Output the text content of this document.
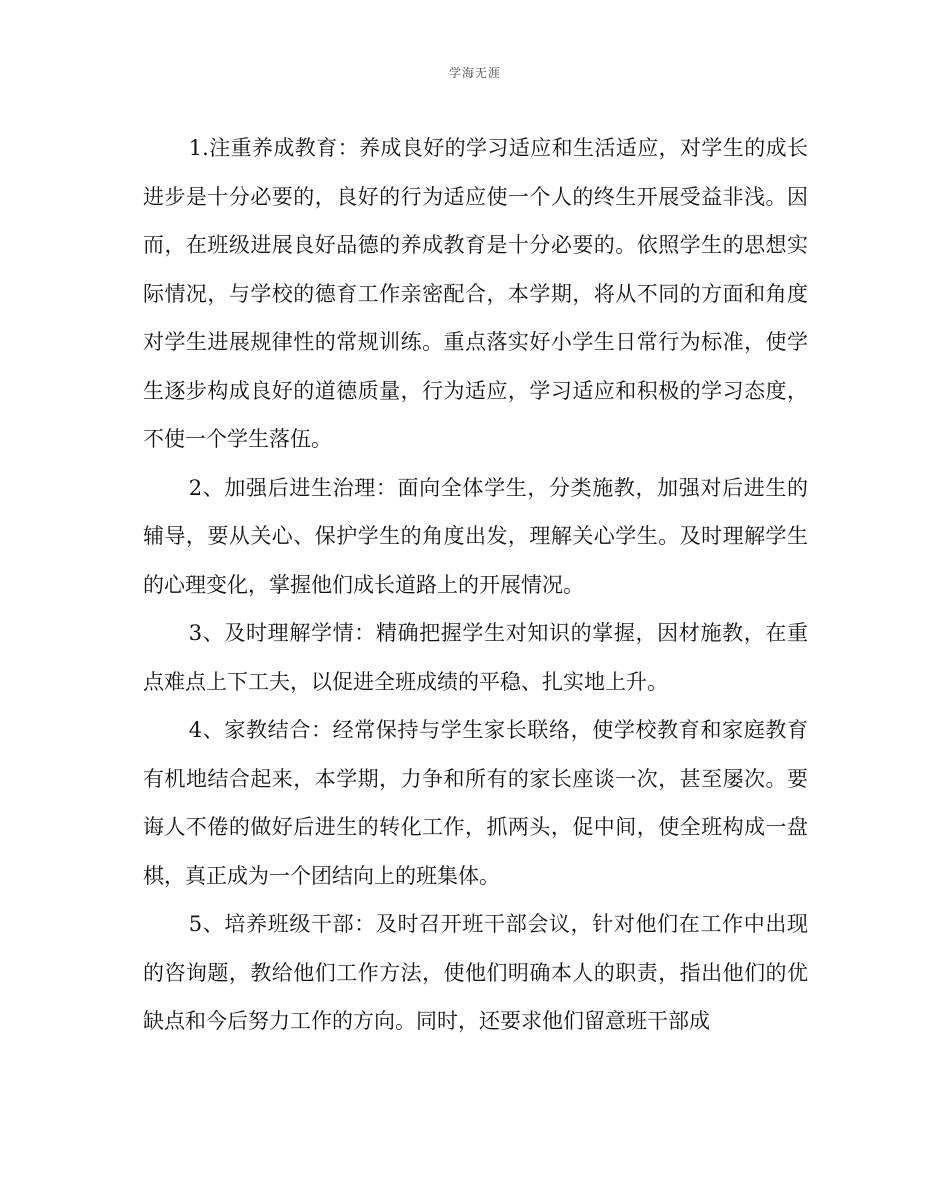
学海无涯

1.注重养成教育：养成良好的学习适应和生活适应，对学生的成长进步是十分必要的，良好的行为适应使一个人的终生开展受益非浅。因而，在班级进展良好品德的养成教育是十分必要的。依照学生的思想实际情况，与学校的德育工作亲密配合，本学期，将从不同的方面和角度对学生进展规律性的常规训练。重点落实好小学生日常行为标准，使学生逐步构成良好的道德质量，行为适应，学习适应和积极的学习态度，不使一个学生落伍。

2、加强后进生治理：面向全体学生，分类施教，加强对后进生的辅导，要从关心、保护学生的角度出发，理解关心学生。及时理解学生的心理变化，掌握他们成长道路上的开展情况。

3、及时理解学情：精确把握学生对知识的掌握，因材施教，在重点难点上下工夫，以促进全班成绩的平稳、扎实地上升。

4、家教结合：经常保持与学生家长联络，使学校教育和家庭教育有机地结合起来，本学期，力争和所有的家长座谈一次，甚至屡次。要诲人不倦的做好后进生的转化工作，抓两头，促中间，使全班构成一盘棋，真正成为一个团结向上的班集体。

5、培养班级干部：及时召开班干部会议，针对他们在工作中出现的咨询题，教给他们工作方法，使他们明确本人的职责，指出他们的优缺点和今后努力工作的方向。同时，还要求他们留意班干部成
